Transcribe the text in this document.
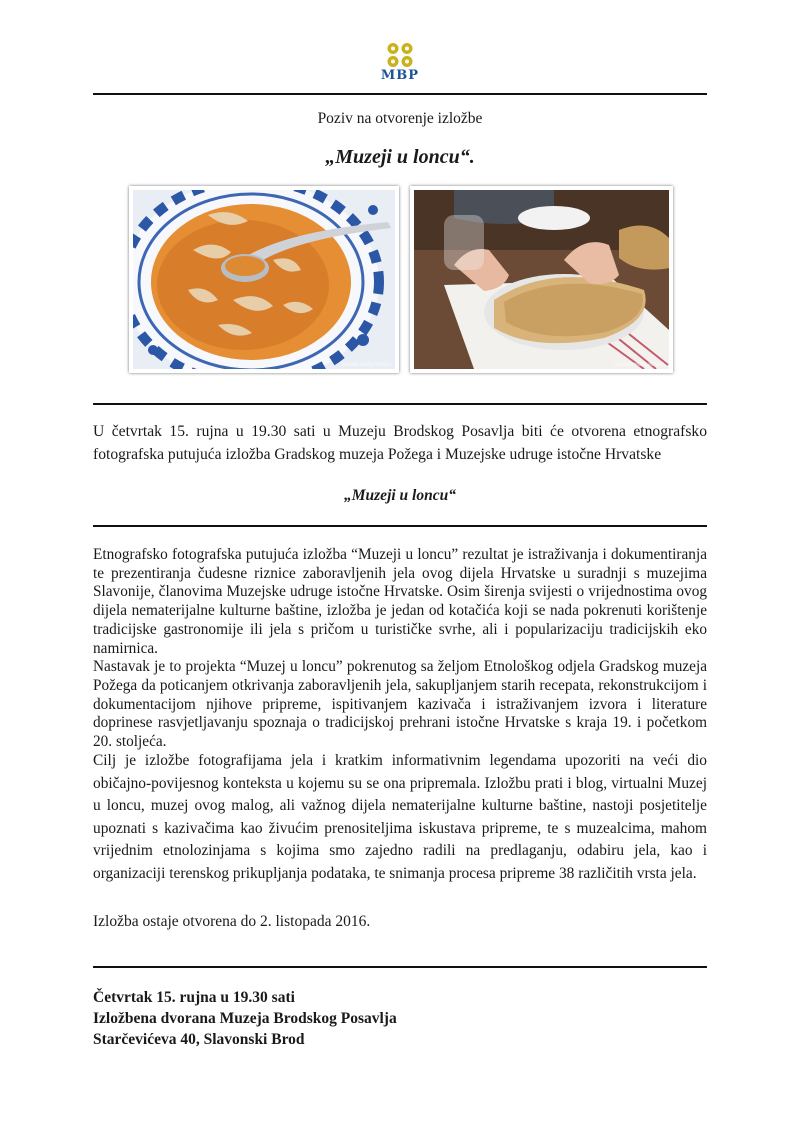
MBP
Poziv na otvorenje izložbe
„Muzeji u loncu“.
GRADSKI MUZEJ POŽEGA	GRADSKI MUZEJ POŽEGA

U četvrtak 15. rujna u 19.30 sati u Muzeju Brodskog Posavlja biti će otvorena etnografsko fotografska putujuća izložba Gradskog muzeja Požega i Muzejske udruge istočne Hrvatske

„Muzeji u loncu“

Etnografsko fotografska putujuća izložba “Muzeji u loncu” rezultat je istraživanja i dokumentiranja te prezentiranja čudesne riznice zaboravljenih jela ovog dijela Hrvatske u suradnji s muzejima Slavonije, članovima Muzejske udruge istočne Hrvatske. Osim širenja svijesti o vrijednostima ovog dijela nematerijalne kulturne baštine, izložba je jedan od kotačića koji se nada pokrenuti korištenje tradicijske gastronomije ili jela s pričom u turističke svrhe, ali i popularizaciju tradicijskih eko namirnica.

Nastavak je to projekta “Muzej u loncu” pokrenutog sa željom Etnološkog odjela Gradskog muzeja Požega da poticanjem otkrivanja zaboravljenih jela, sakupljanjem starih recepata, rekonstrukcijom i dokumentacijom njihove pripreme, ispitivanjem kazivača i istraživanjem izvora i literature doprinese rasvjetljavanju spoznaja o tradicijskoj prehrani istočne Hrvatske s kraja 19. i početkom 20. stoljeća.

Cilj je izložbe fotografijama jela i kratkim informativnim legendama upozoriti na veći dio običajno-povijesnog konteksta u kojemu su se ona pripremala. Izložbu prati i blog, virtualni Muzej u loncu, muzej ovog malog, ali važnog dijela nematerijalne kulturne baštine, nastoji posjetitelje upoznati s kazivačima kao živućim prenositeljima iskustava pripreme, te s muzealcima, mahom vrijednim etnolozinjama s kojima smo zajedno radili na predlaganju, odabiru jela, kao i organizaciji terenskog prikupljanja podataka, te snimanja procesa pripreme 38 različitih vrsta jela.

Izložba ostaje otvorena do 2. listopada 2016.
Četvrtak 15. rujna u 19.30 sati
Izložbena dvorana Muzeja Brodskog Posavlja
Starčevićeva 40, Slavonski Brod
